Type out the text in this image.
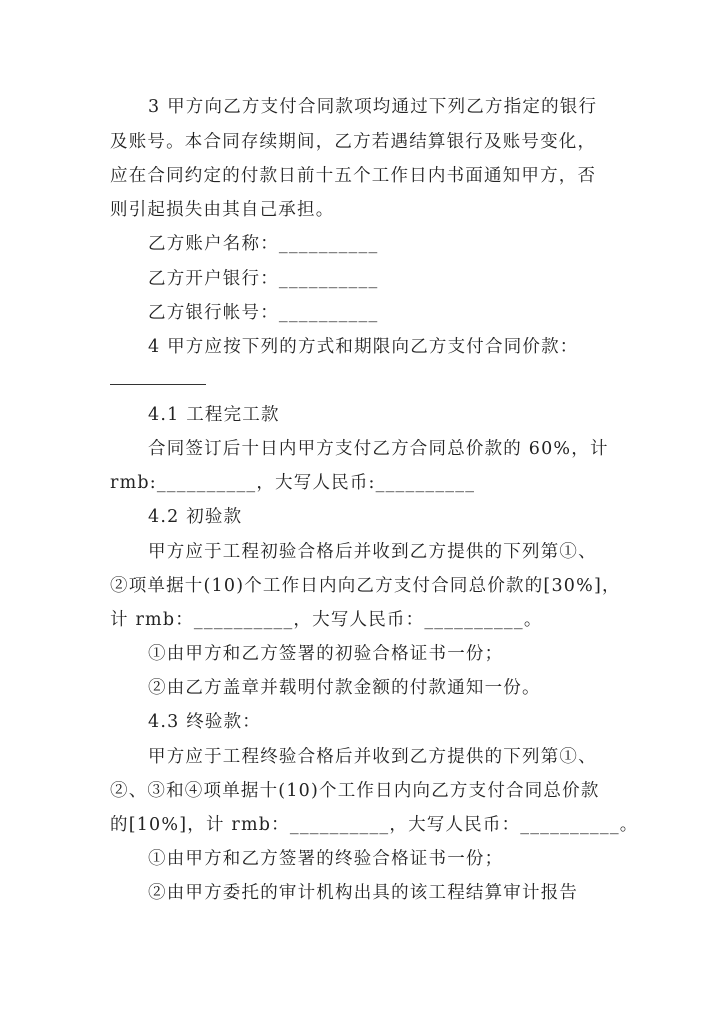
3 甲方向乙方支付合同款项均通过下列乙方指定的银行
及账号。本合同存续期间，乙方若遇结算银行及账号变化，
应在合同约定的付款日前十五个工作日内书面通知甲方，否
则引起损失由其自己承担。
乙方账户名称：__________
乙方开户银行：__________
乙方银行帐号：__________
4 甲方应按下列的方式和期限向乙方支付合同价款：
4.1 工程完工款
合同签订后十日内甲方支付乙方合同总价款的 60%，计
rmb:__________，大写人民币:__________
4.2 初验款
甲方应于工程初验合格后并收到乙方提供的下列第①、
②项单据十(10)个工作日内向乙方支付合同总价款的[30%]，
计 rmb：__________，大写人民币：__________。
①由甲方和乙方签署的初验合格证书一份；
②由乙方盖章并载明付款金额的付款通知一份。
4.3 终验款：
甲方应于工程终验合格后并收到乙方提供的下列第①、
②、③和④项单据十(10)个工作日内向乙方支付合同总价款
的[10%]，计 rmb：__________，大写人民币：__________。
①由甲方和乙方签署的终验合格证书一份；
②由甲方委托的审计机构出具的该工程结算审计报告
